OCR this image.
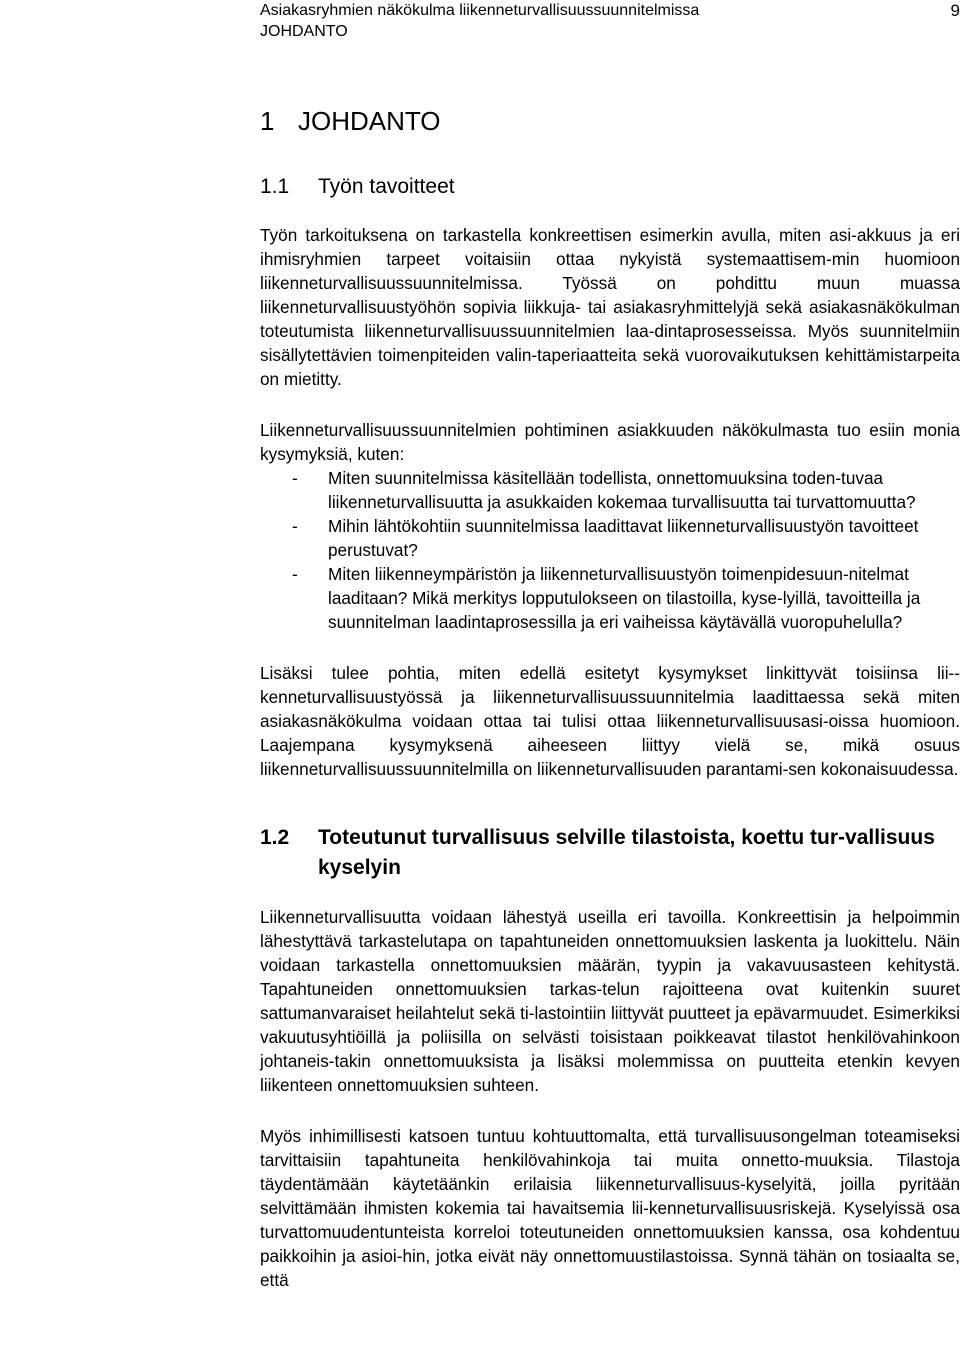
Asiakasryhmien näkökulma liikenneturvallisuussuunnitelmissa
JOHDANTO
9
1 JOHDANTO
1.1	Työn tavoitteet

Työn tarkoituksena on tarkastella konkreettisen esimerkin avulla, miten asi-akkuus ja eri ihmisryhmien tarpeet voitaisiin ottaa nykyistä systemaattisem-min huomioon liikenneturvallisuussuunnitelmissa. Työssä on pohdittu muun muassa liikenneturvallisuustyöhön sopivia liikkuja- tai asiakasryhmittelyjä sekä asiakasnäkökulman toteutumista liikenneturvallisuussuunnitelmien laa-dintaprosesseissa. Myös suunnitelmiin sisällytettävien toimenpiteiden valin-taperiaatteita sekä vuorovaikutuksen kehittämistarpeita on mietitty.

Liikenneturvallisuussuunnitelmien pohtiminen asiakkuuden näkökulmasta tuo esiin monia kysymyksiä, kuten:

- Miten suunnitelmissa käsitellään todellista, onnettomuuksina toden-tuvaa liikenneturvallisuutta ja asukkaiden kokemaa turvallisuutta tai turvattomuutta?
- Mihin lähtökohtiin suunnitelmissa laadittavat liikenneturvallisuustyön tavoitteet perustuvat?
- Miten liikenneympäristön ja liikenneturvallisuustyön toimenpidesuun-nitelmat laaditaan? Mikä merkitys lopputulokseen on tilastoilla, kyse-lyillä, tavoitteilla ja suunnitelman laadintaprosessilla ja eri vaiheissa käytävällä vuoropuhelulla?

Lisäksi tulee pohtia, miten edellä esitetyt kysymykset linkittyvät toisiinsa lii-kenneturvallisuustyössä ja liikenneturvallisuussuunnitelmia laadittaessa sekä miten asiakasnäkökulma voidaan ottaa tai tulisi ottaa liikenneturvallisuusasi-oissa huomioon. Laajempana kysymyksenä aiheeseen liittyy vielä se, mikä osuus liikenneturvallisuussuunnitelmilla on liikenneturvallisuuden parantami-sen kokonaisuudessa.

1.2	Toteutunut turvallisuus selville tilastoista, koettu tur-vallisuus kyselyin

Liikenneturvallisuutta voidaan lähestyä useilla eri tavoilla. Konkreettisin ja helpoimmin lähestyttävä tarkastelutapa on tapahtuneiden onnettomuuksien laskenta ja luokittelu. Näin voidaan tarkastella onnettomuuksien määrän, tyypin ja vakavuusasteen kehitystä. Tapahtuneiden onnettomuuksien tarkas-telun rajoitteena ovat kuitenkin suuret sattumanvaraiset heilahtelut sekä ti-lastointiin liittyvät puutteet ja epävarmuudet. Esimerkiksi vakuutusyhtiöillä ja poliisilla on selvästi toisistaan poikkeavat tilastot henkilövahinkoon johtaneis-takin onnettomuuksista ja lisäksi molemmissa on puutteita etenkin kevyen liikenteen onnettomuuksien suhteen.

Myös inhimillisesti katsoen tuntuu kohtuuttomalta, että turvallisuusongelman toteamiseksi tarvittaisiin tapahtuneita henkilövahinkoja tai muita onnetto-muuksia. Tilastoja täydentämään käytetäänkin erilaisia liikenneturvallisuus-kyselyitä, joilla pyritään selvittämään ihmisten kokemia tai havaitsemia lii-kenneturvallisuusriskejä. Kyselyissä osa turvattomuudentunteista korreloi toteutuneiden onnettomuuksien kanssa, osa kohdentuu paikkoihin ja asioi-hin, jotka eivät näy onnettomuustilastoissa. Synnä tähän on tosiaalta se, että
